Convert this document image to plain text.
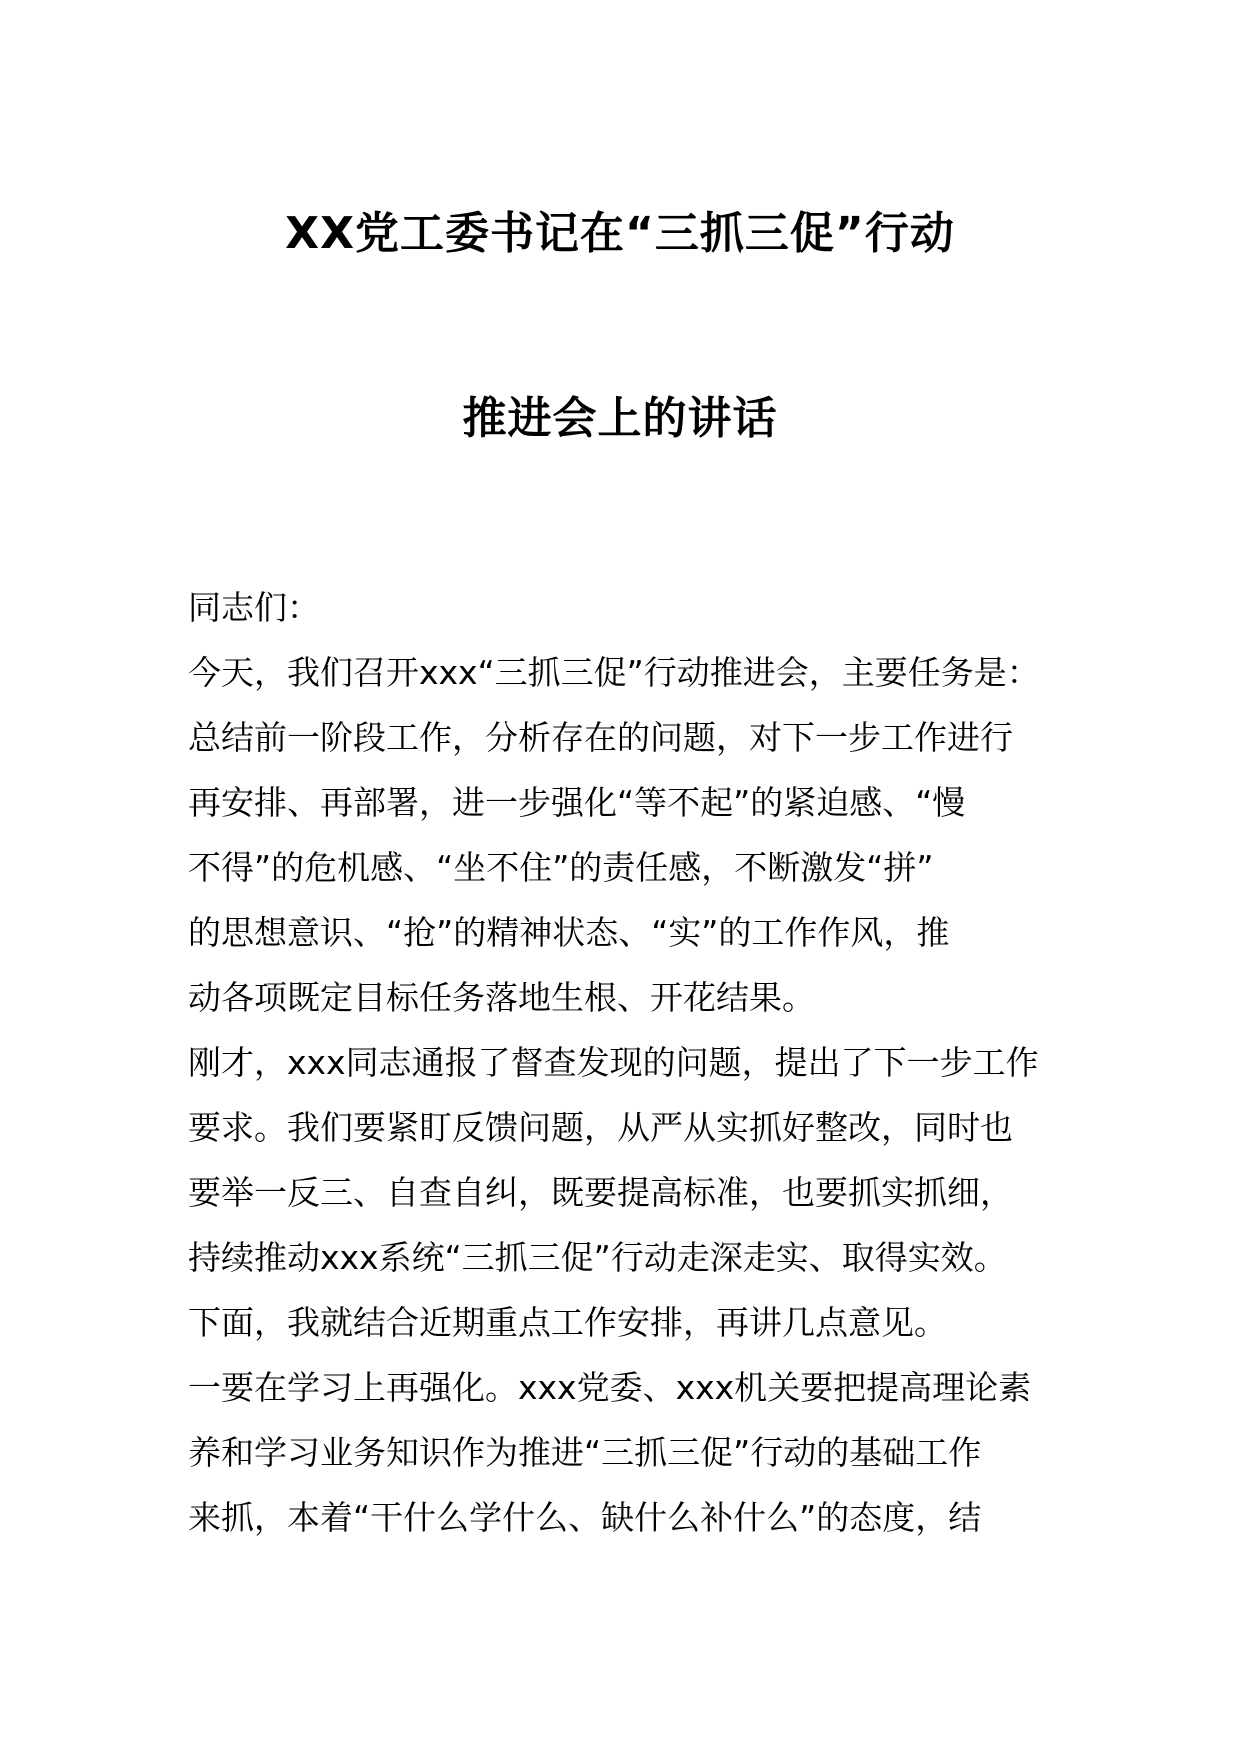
XX党工委书记在“三抓三促”行动
推进会上的讲话
同志们：
今天，我们召开xxx“三抓三促”行动推进会，主要任务是：
总结前一阶段工作，分析存在的问题，对下一步工作进行
再安排、再部署，进一步强化“等不起”的紧迫感、“慢
不得”的危机感、“坐不住”的责任感，不断激发“拼”
的思想意识、“抢”的精神状态、“实”的工作作风，推
动各项既定目标任务落地生根、开花结果。
刚才，xxx同志通报了督查发现的问题，提出了下一步工作
要求。我们要紧盯反馈问题，从严从实抓好整改，同时也
要举一反三、自查自纠，既要提高标准，也要抓实抓细，
持续推动xxx系统“三抓三促”行动走深走实、取得实效。
下面，我就结合近期重点工作安排，再讲几点意见。
一要在学习上再强化。xxx党委、xxx机关要把提高理论素
养和学习业务知识作为推进“三抓三促”行动的基础工作
来抓，本着“干什么学什么、缺什么补什么”的态度，结
